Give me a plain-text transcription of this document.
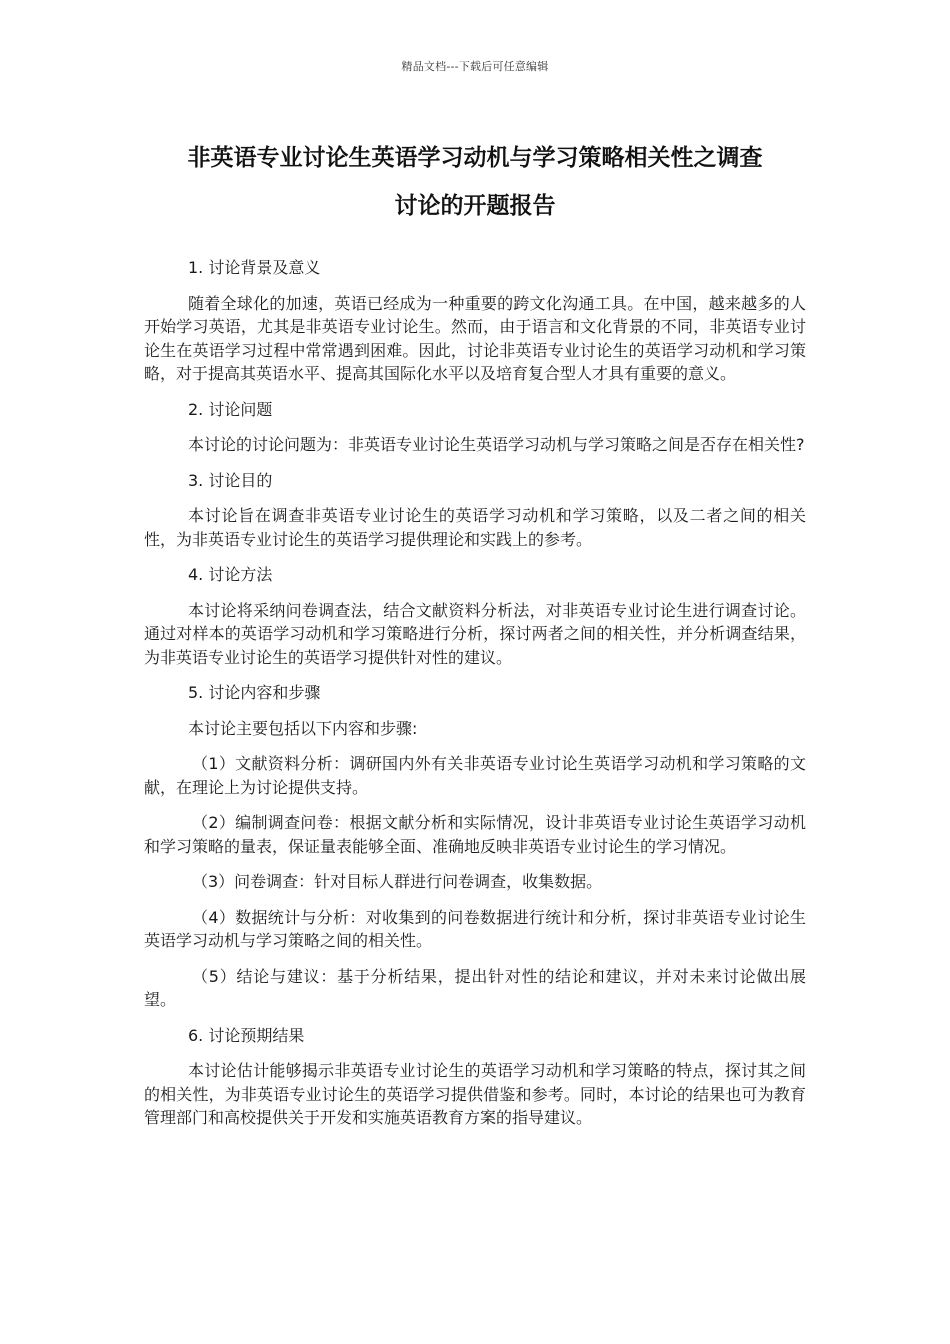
精品文档---下载后可任意编辑
非英语专业讨论生英语学习动机与学习策略相关性之调查
讨论的开题报告

1. 讨论背景及意义

随着全球化的加速，英语已经成为一种重要的跨文化沟通工具。在中国，越来越多的人开始学习英语，尤其是非英语专业讨论生。然而，由于语言和文化背景的不同，非英语专业讨论生在英语学习过程中常常遇到困难。因此，讨论非英语专业讨论生的英语学习动机和学习策略，对于提高其英语水平、提高其国际化水平以及培育复合型人才具有重要的意义。

2. 讨论问题

本讨论的讨论问题为：非英语专业讨论生英语学习动机与学习策略之间是否存在相关性?

3. 讨论目的

本讨论旨在调查非英语专业讨论生的英语学习动机和学习策略，以及二者之间的相关性，为非英语专业讨论生的英语学习提供理论和实践上的参考。

4. 讨论方法

本讨论将采纳问卷调查法，结合文献资料分析法，对非英语专业讨论生进行调查讨论。通过对样本的英语学习动机和学习策略进行分析，探讨两者之间的相关性，并分析调查结果，为非英语专业讨论生的英语学习提供针对性的建议。

5. 讨论内容和步骤

本讨论主要包括以下内容和步骤:

（1）文献资料分析：调研国内外有关非英语专业讨论生英语学习动机和学习策略的文献，在理论上为讨论提供支持。

（2）编制调查问卷：根据文献分析和实际情况，设计非英语专业讨论生英语学习动机和学习策略的量表，保证量表能够全面、准确地反映非英语专业讨论生的学习情况。

（3）问卷调查：针对目标人群进行问卷调查，收集数据。

（4）数据统计与分析：对收集到的问卷数据进行统计和分析，探讨非英语专业讨论生英语学习动机与学习策略之间的相关性。

（5）结论与建议：基于分析结果，提出针对性的结论和建议，并对未来讨论做出展望。

6. 讨论预期结果

本讨论估计能够揭示非英语专业讨论生的英语学习动机和学习策略的特点，探讨其之间的相关性，为非英语专业讨论生的英语学习提供借鉴和参考。同时，本讨论的结果也可为教育管理部门和高校提供关于开发和实施英语教育方案的指导建议。
